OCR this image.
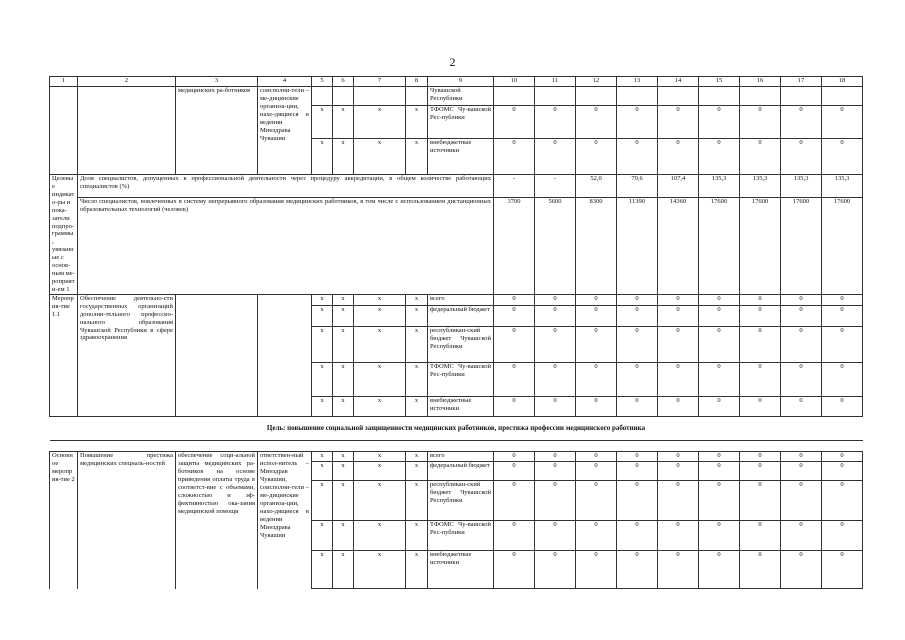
2
1	2	3	4	5	6	7	8	9	10	11	12	13	14	15	16	17	18
		медицинских ра-ботников	соисполни-тели – ме-дицинские организа-ции, нахо-дящиеся в ведении Минздрава Чувашии					Чувашской Республики									
				x	x	x	x	ТФОМС Чу-вашской Рес-публики	0	0	0	0	0	0	0	0	0
				x	x	x	x	внебюджетные источники	0	0	0	0	0	0	0	0	0
Целевые индикато-ры и пока-затели подпро-граммы, увязанные с основ-ным ме-роприяти-ем 1	Доля специалистов, допущенных к профессиональной деятельности через процедуру аккредитации, в общем количестве работающих специалистов (%)								-	-	52,0	79,6	107,4	135,3	135,3	135,3	135,3
	Число специалистов, вовлеченных в систему непрерывного образования медицинских работников, в том числе с использованием дистанционных образовательных технологий (человек)								3700	5600	8300	11390	14360	17600	17600	17600	17600
Мероприя-тие 1.1	Обеспечение деятельно-сти государственных организаций дополни-тельного профессио-нального образования Чувашской Республики в сфере здравоохранения			x	x	x	x	всего	0	0	0	0	0	0	0	0	0
				x	x	x	x	федеральный бюджет	0	0	0	0	0	0	0	0	0
				x	x	x	x	республикан-ский бюджет Чувашской Республики	0	0	0	0	0	0	0	0	0
				x	x	x	x	ТФОМС Чу-вашской Рес-публики	0	0	0	0	0	0	0	0	0
				x	x	x	x	внебюджетные источники	0	0	0	0	0	0	0	0	0
Цель: повышение социальной защищенности медицинских работников, престижа профессии медицинского работника																	

Основное мероприя-тие 2	Повышение престижа медицинских специаль-ностей	обеспечение соци-альной защиты медицинских ра-ботников на основе приведения оплаты труда в соответст-вие с объемами, сложностью и эф-фективностью ока-зания медицинской помощи	ответствен-ный испол-нитель – Минздрав Чувашии, соисполни-тели – ме-дицинские организа-ции, нахо-дящиеся в ведении Минздрава Чувашии	x	x	x	x	всего	0	0	0	0	0	0	0	0	0
				x	x	x	x	федеральный бюджет	0	0	0	0	0	0	0	0	0
				x	x	x	x	республикан-ский бюджет Чувашской Республики	0	0	0	0	0	0	0	0	0
				x	x	x	x	ТФОМС Чу-вашской Рес-публики	0	0	0	0	0	0	0	0	0
				x	x	x	x	внебюджетные источники	0	0	0	0	0	0	0	0	0
